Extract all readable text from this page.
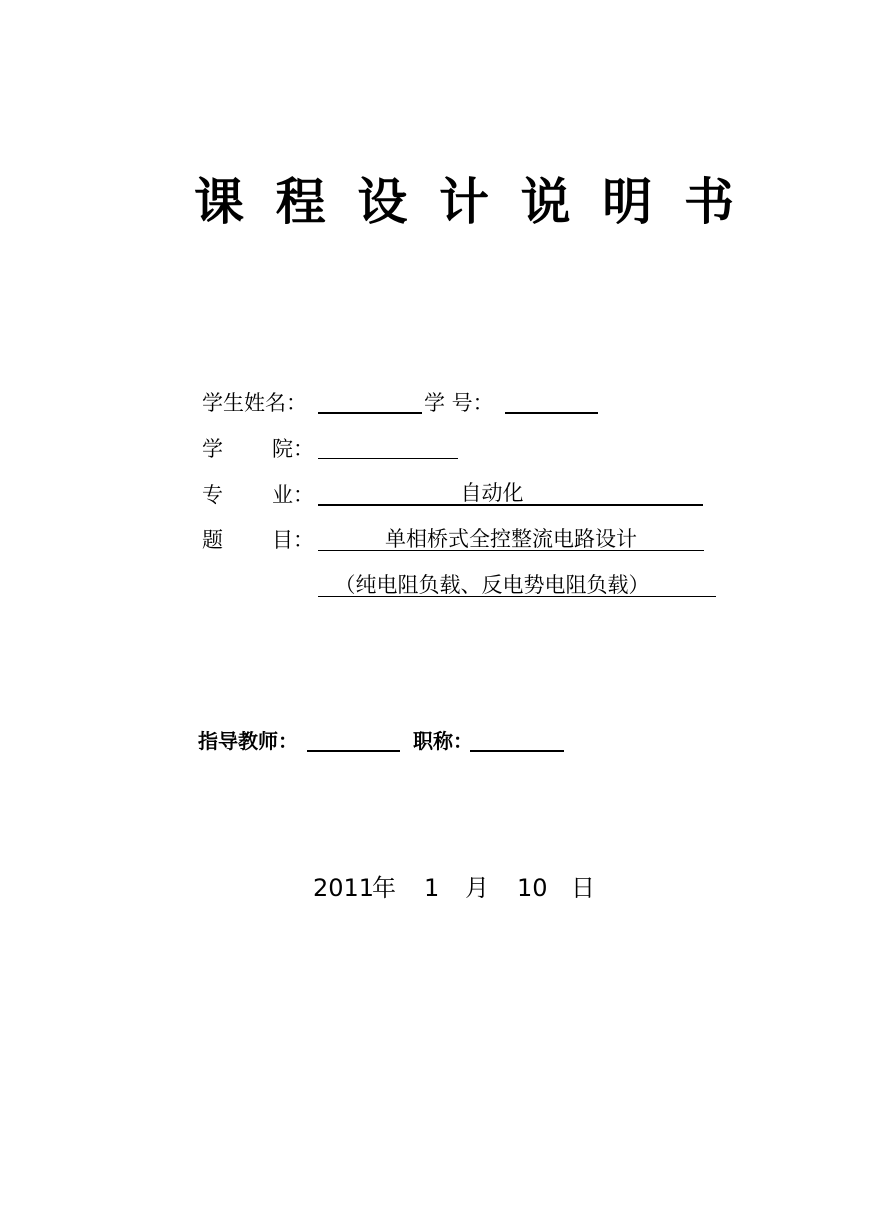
课 程 设 计 说 明 书
学生姓名：	学 号：
学 院：
专 业：	自动化
题 目：	单相桥式全控整流电路设计
（纯电阻负载、反电势电阻负载）
指导教师：	职称：
2011
年 1 月 10 日
